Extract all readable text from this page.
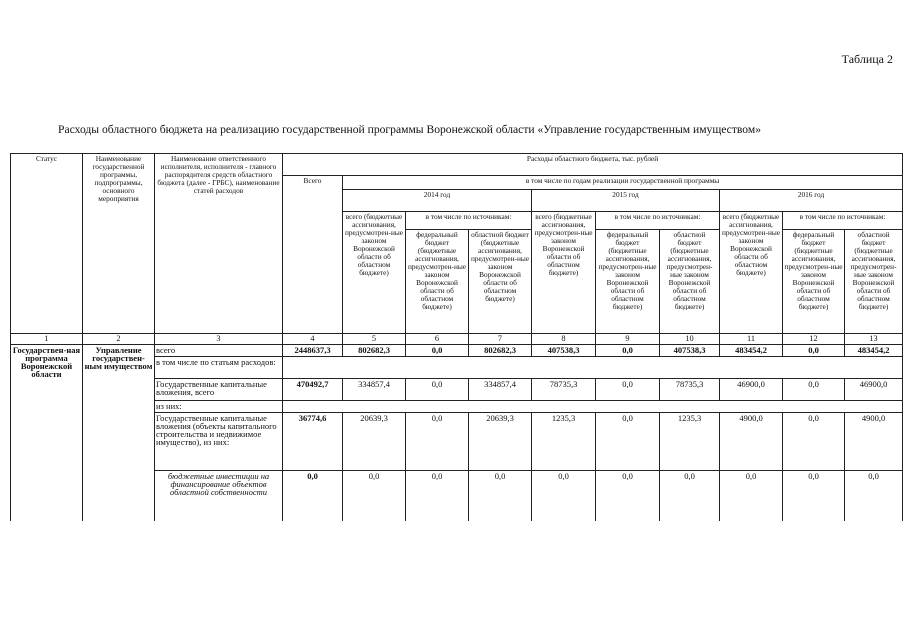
Таблица 2
Расходы областного бюджета на реализацию государственной программы Воронежской области «Управление государственным имуществом»
Статус	Наименование государственной программы, подпрограммы, основного мероприятия	Наименование ответственного исполнителя, исполнителя - главного распорядителя средств областного бюджета (далее - ГРБС), наименование статей расходов	Расходы областного бюджета, тыс. рублей									
			Всего	в том числе по годам реализации государственной программы								
				2014 год			2015 год			2016 год		
				всего (бюджетные ассигнования, предусмотрен-ные законом Воронежской области об областном бюджете)	в том числе по источникам:		всего (бюджетные ассигнования, предусмотрен-ные законом Воронежской области об областном бюджете)	в том числе по источникам:		всего (бюджетные ассигнования, предусмотрен-ные законом Воронежской области об областном бюджете)	в том числе по источникам:	
					федеральный бюджет (бюджетные ассигнования, предусмотрен-ные законом Воронежской области об областном бюджете)	областной бюджет (бюджетные ассигнования, предусмотрен-ные законом Воронежской области об областном бюджете)		федеральный бюджет (бюджетные ассигнования, предусмотрен-ные законом Воронежской области об областном бюджете)	областной бюджет (бюджетные ассигнования, предусмотрен-ные законом Воронежской области об областном бюджете)		федеральный бюджет (бюджетные ассигнования, предусмотрен-ные законом Воронежской области об областном бюджете)	областной бюджет (бюджетные ассигнования, предусмотрен-ные законом Воронежской области об областном бюджете)
1	2	3	4	5	6	7	8	9	10	11	12	13
Государствен-ная программа Воронежской области	Управление государствен-ным имуществом	всего	2448637,3	802682,3	0,0	802682,3	407538,3	0,0	407538,3	483454,2	0,0	483454,2
		в том числе по статьям расходов:										
		Государственные капитальные вложения, всего	470492,7	334857,4	0,0	334857,4	78735,3	0,0	78735,3	46900,0	0,0	46900,0
		из них:										
		Государственные капитальные вложения (объекты капитального строительства и недвижимое имущество), из них:	36774,6	20639,3	0,0	20639,3	1235,3	0,0	1235,3	4900,0	0,0	4900,0
		бюджетные инвестиции на финансирование объектов областной собственности	0,0	0,0	0,0	0,0	0,0	0,0	0,0	0,0	0,0	0,0
